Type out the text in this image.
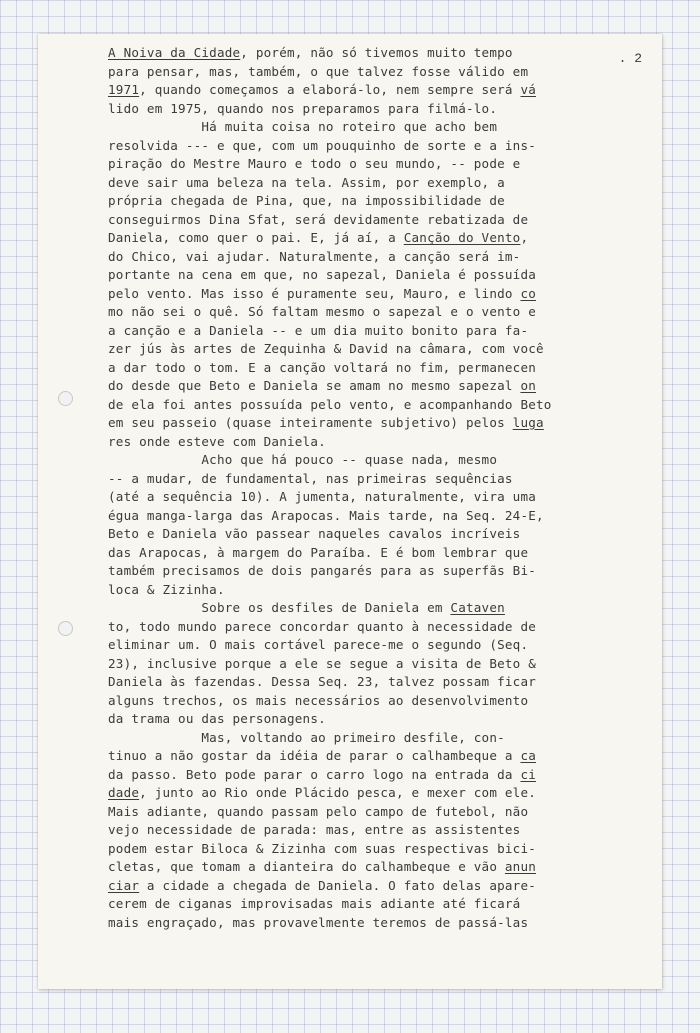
. 2
A Noiva da Cidade, porém, não só tivemos muito tempo
para pensar, mas, também, o que talvez fosse válido em
1971, quando começamos a elaborá-lo, nem sempre será vá
lido em 1975, quando nos preparamos para filmá-lo.
Há muita coisa no roteiro que acho bem
resolvida --- e que, com um pouquinho de sorte e a ins-
piração do Mestre Mauro e todo o seu mundo, -- pode e
deve sair uma beleza na tela. Assim, por exemplo, a
própria chegada de Pina, que, na impossibilidade de
conseguirmos Dina Sfat, será devidamente rebatizada de
Daniela, como quer o pai. E, já aí, a Canção do Vento,
do Chico, vai ajudar. Naturalmente, a canção será im-
portante na cena em que, no sapezal, Daniela é possuída
pelo vento. Mas isso é puramente seu, Mauro, e lindo co
mo não sei o quê. Só faltam mesmo o sapezal e o vento e
a canção e a Daniela -- e um dia muito bonito para fa-
zer jús às artes de Zequinha & David na câmara, com você
a dar todo o tom. E a canção voltará no fim, permanecen
do desde que Beto e Daniela se amam no mesmo sapezal on
de ela foi antes possuída pelo vento, e acompanhando Beto
em seu passeio (quase inteiramente subjetivo) pelos luga
res onde esteve com Daniela.
Acho que há pouco -- quase nada, mesmo
-- a mudar, de fundamental, nas primeiras sequências
(até a sequência 10). A jumenta, naturalmente, vira uma
égua manga-larga das Arapocas. Mais tarde, na Seq. 24-E,
Beto e Daniela vão passear naqueles cavalos incríveis
das Arapocas, à margem do Paraíba. E é bom lembrar que
também precisamos de dois pangarés para as superfãs Bi-
loca & Zizinha.
Sobre os desfiles de Daniela em Cataven
to, todo mundo parece concordar quanto à necessidade de
eliminar um. O mais cortável parece-me o segundo (Seq.
23), inclusive porque a ele se segue a visita de Beto &
Daniela às fazendas. Dessa Seq. 23, talvez possam ficar
alguns trechos, os mais necessários ao desenvolvimento
da trama ou das personagens.
Mas, voltando ao primeiro desfile, con-
tinuo a não gostar da idéia de parar o calhambeque a ca
da passo. Beto pode parar o carro logo na entrada da ci
dade, junto ao Rio onde Plácido pesca, e mexer com ele.
Mais adiante, quando passam pelo campo de futebol, não
vejo necessidade de parada: mas, entre as assistentes
podem estar Biloca & Zizinha com suas respectivas bici-
cletas, que tomam a dianteira do calhambeque e vão anun
ciar a cidade a chegada de Daniela. O fato delas apare-
cerem de ciganas improvisadas mais adiante até ficará
mais engraçado, mas provavelmente teremos de passá-las
